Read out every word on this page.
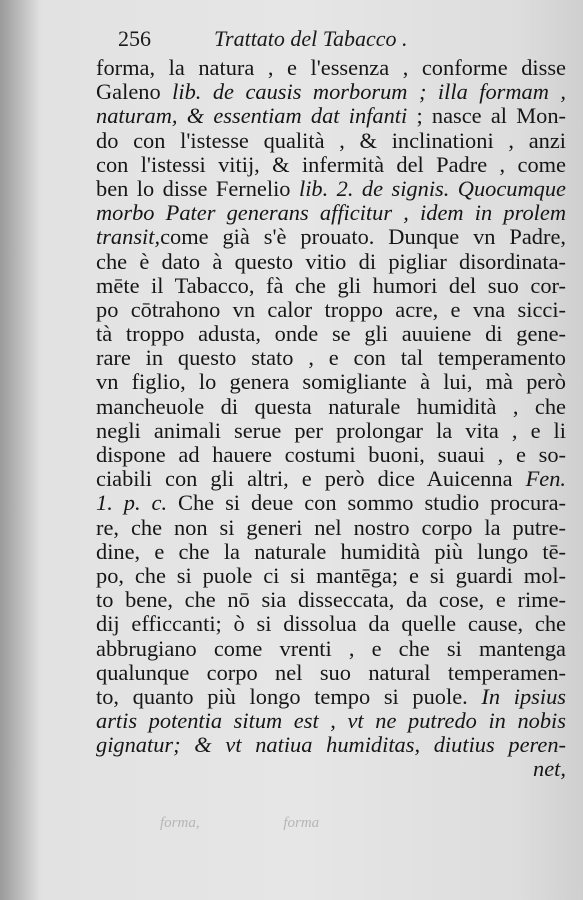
256	Trattato del Tabacco .
forma, la natura , e l'essenza , conforme disse
Galeno lib. de causis morborum ; illa formam ,
naturam, & essentiam dat infanti ; nasce al Mon-
do con l'istesse qualità , & inclinationi , anzi
con l'istessi vitij, & infermità del Padre , come
ben lo disse Fernelio lib. 2. de signis. Quocumque
morbo Pater generans afficitur , idem in prolem
transit,come già s'è prouato. Dunque vn Padre,
che è dato à questo vitio di pigliar disordinata-
mēte il Tabacco, fà che gli humori del suo cor-
po cōtrahono vn calor troppo acre, e vna sicci-
tà troppo adusta, onde se gli auuiene di gene-
rare in questo stato , e con tal temperamento
vn figlio, lo genera somigliante à lui, mà però
mancheuole di questa naturale humidità , che
negli animali serue per prolongar la vita , e li
dispone ad hauere costumi buoni, suaui , e so-
ciabili con gli altri, e però dice Auicenna Fen.
1. p. c. Che si deue con sommo studio procura-
re, che non si generi nel nostro corpo la putre-
dine, e che la naturale humidità più lungo tē-
po, che si puole ci si mantēga; e si guardi mol-
to bene, che nō sia disseccata, da cose, e rime-
dij efficcanti; ò si dissolua da quelle cause, che
abbrugiano come vrenti , e che si mantenga
qualunque corpo nel suo natural temperamen-
to, quanto più longo tempo si puole. In ipsius
artis potentia situm est , vt ne putredo in nobis
gignatur; & vt natiua humiditas, diutius peren-
net,
forma,	forma
